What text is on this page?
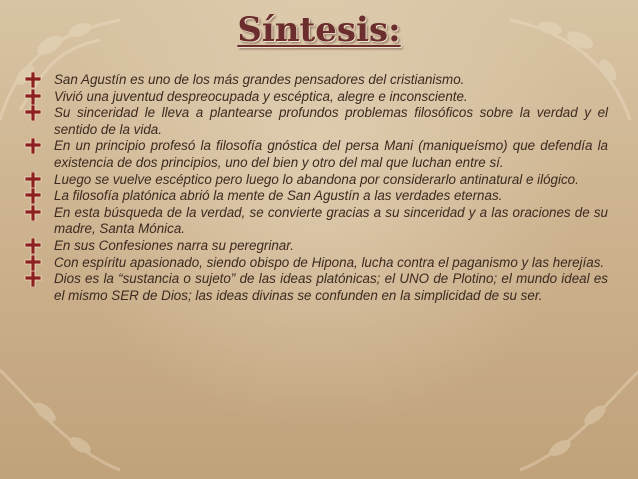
Síntesis:
San Agustín es uno de los más grandes pensadores del cristianismo.
Vivió una juventud despreocupada y escéptica, alegre e inconsciente.
Su sinceridad le lleva a plantearse profundos problemas filosóficos sobre la verdad y el sentido de la vida.
En un principio profesó la filosofía gnóstica del persa Mani (maniqueísmo) que defendía la existencia de dos principios, uno del bien y otro del mal que luchan entre sí.
Luego se vuelve escéptico pero luego lo abandona por considerarlo antinatural e ilógico.
La filosofía platónica abrió la mente de San Agustín a las verdades eternas.
En esta búsqueda de la verdad, se convierte gracias a su sinceridad y a las oraciones de su madre, Santa Mónica.
En sus Confesiones narra su peregrinar.
Con espíritu apasionado, siendo obispo de Hipona, lucha contra el paganismo y las herejías.
Dios es la “sustancia o sujeto” de las ideas platónicas; el UNO de Plotino; el mundo ideal es el mismo SER de Dios; las ideas divinas se confunden en la simplicidad de su ser.
